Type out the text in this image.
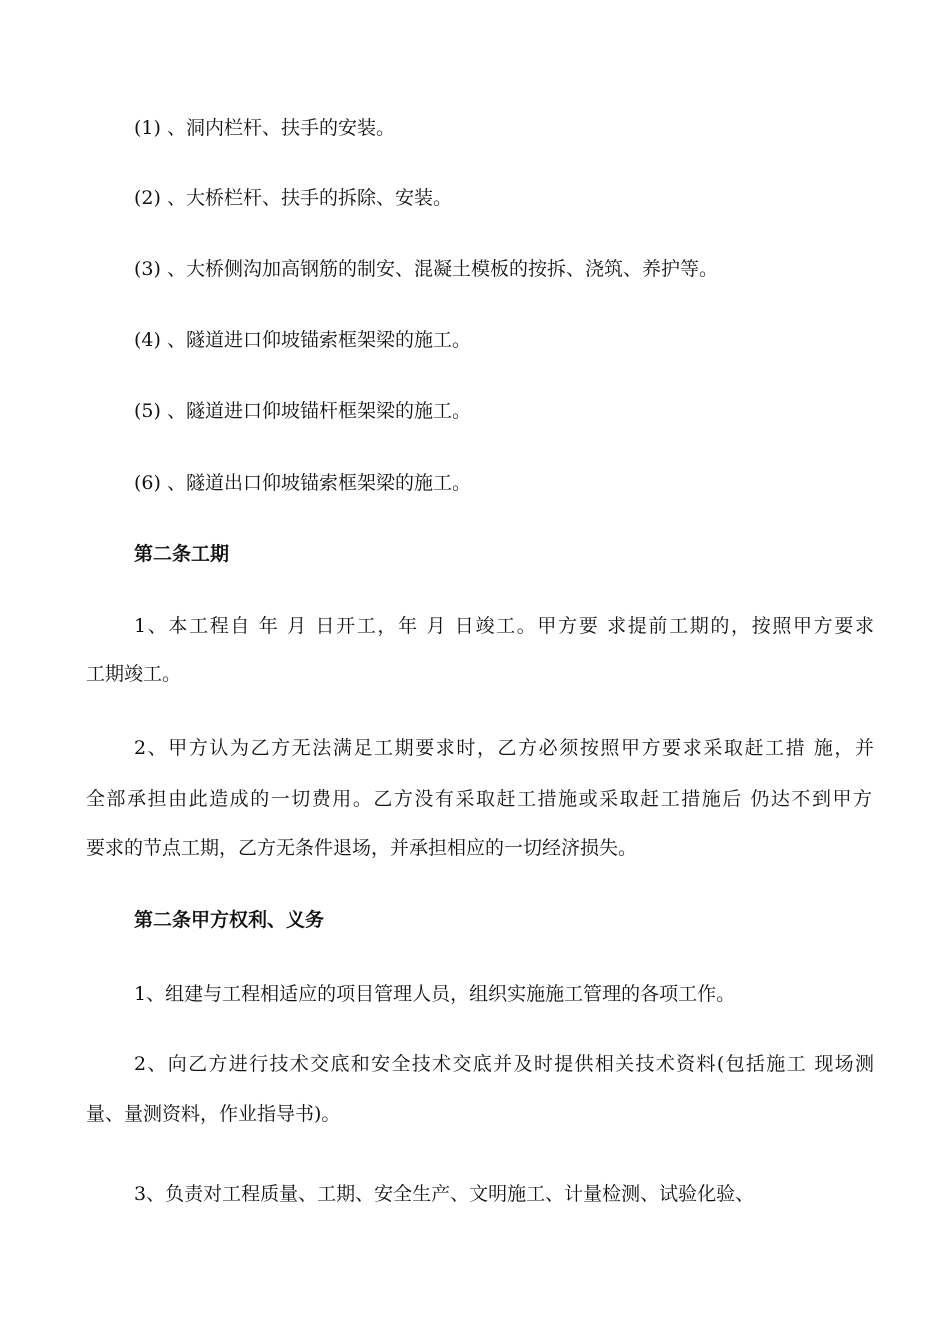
(1) 、洞内栏杆、扶手的安装。
(2) 、大桥栏杆、扶手的拆除、安装。
(3) 、大桥侧沟加高钢筋的制安、混凝土模板的按拆、浇筑、养护等。
(4) 、隧道进口仰坡锚索框架梁的施工。
(5) 、隧道进口仰坡锚杆框架梁的施工。
(6) 、隧道出口仰坡锚索框架梁的施工。
第二条工期
1、本工程自 年 月 日开工，年 月 日竣工。甲方要 求提前工期的，按照甲方要求
工期竣工。
2、甲方认为乙方无法满足工期要求时，乙方必须按照甲方要求采取赶工措 施，并
全部承担由此造成的一切费用。乙方没有采取赶工措施或采取赶工措施后 仍达不到甲方
要求的节点工期，乙方无条件退场，并承担相应的一切经济损失。
第二条甲方权利、义务
1、组建与工程相适应的项目管理人员，组织实施施工管理的各项工作。
2、向乙方进行技术交底和安全技术交底并及时提供相关技术资料(包括施工 现场测
量、量测资料，作业指导书)。
3、负责对工程质量、工期、安全生产、文明施工、计量检测、试验化验、
